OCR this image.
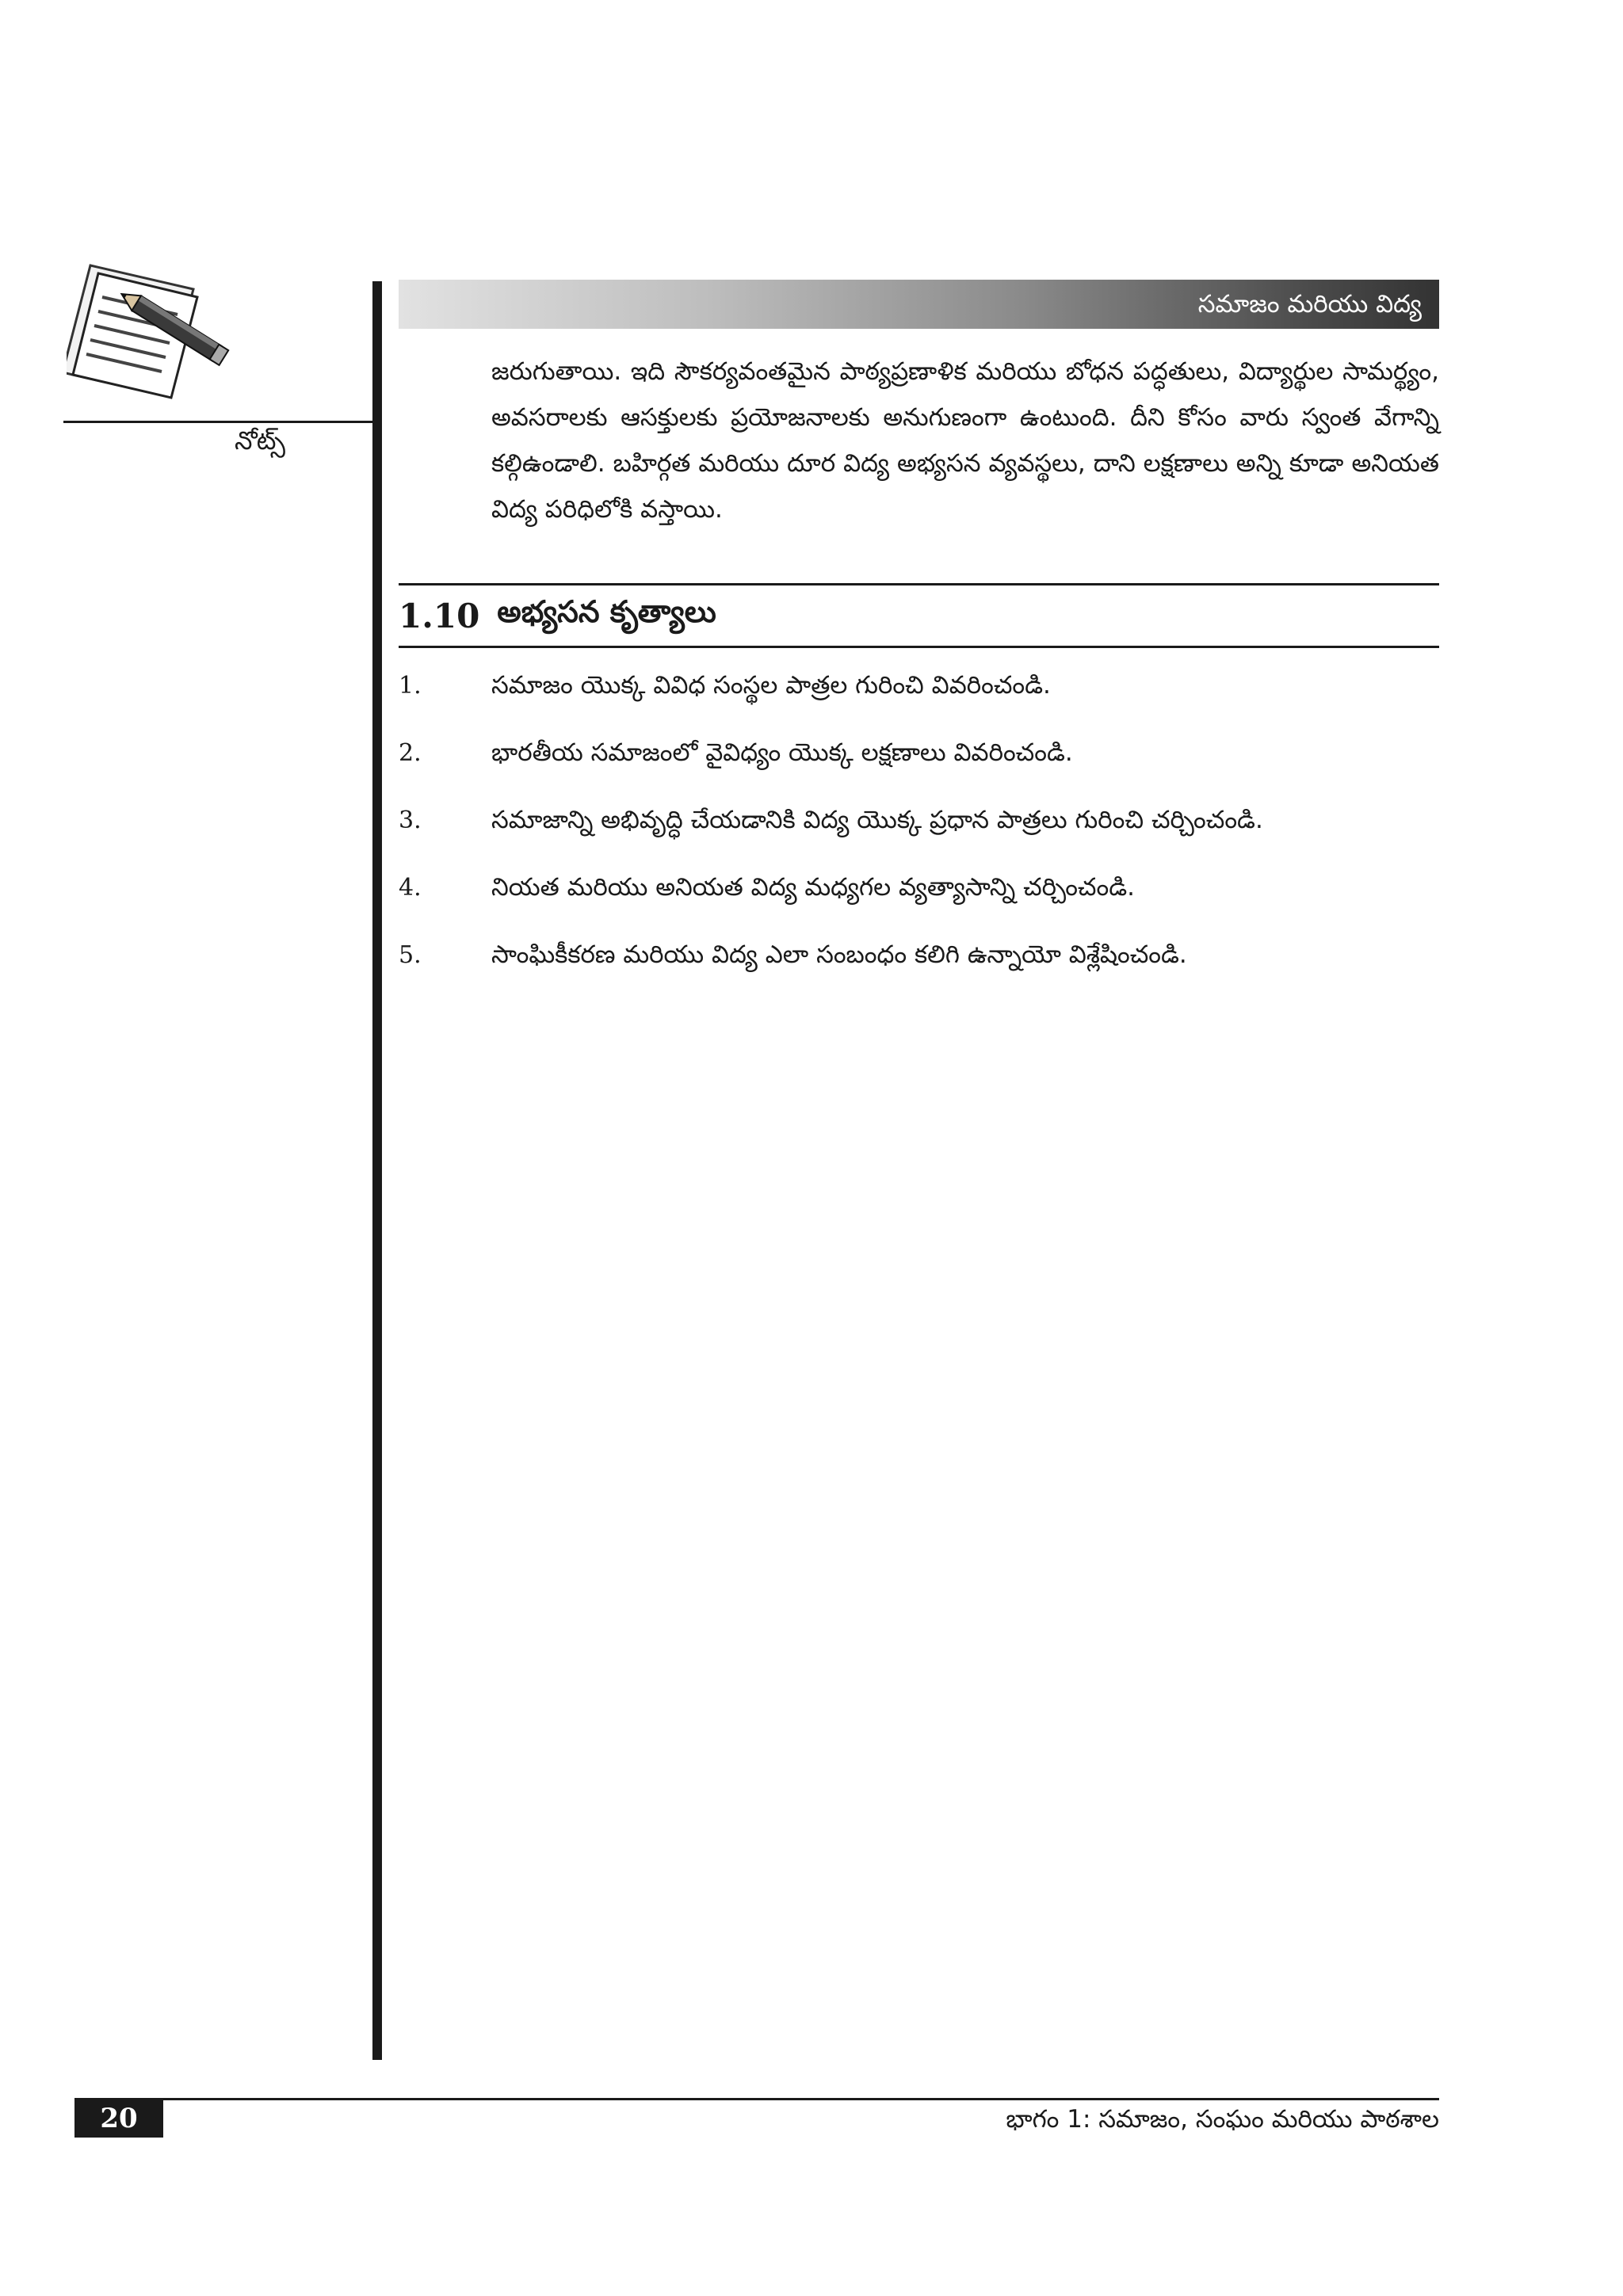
నోట్స్
సమాజం మరియు విద్య

జరుగుతాయి. ఇది సౌకర్యవంతమైన పాఠ్యప్రణాళిక మరియు బోధన పద్ధతులు, విద్యార్థుల సామర్థ్యం, అవసరాలకు ఆసక్తులకు ప్రయోజనాలకు అనుగుణంగా ఉంటుంది. దీని కోసం వారు స్వంత వేగాన్ని కల్గిఉండాలి. బహిర్గత మరియు దూర విద్య అభ్యసన వ్యవస్థలు, దాని లక్షణాలు అన్ని కూడా అనియత విద్య పరిధిలోకి వస్తాయి.

1.10 అభ్యసన కృత్యాలు
1.	సమాజం యొక్క వివిధ సంస్థల పాత్రల గురించి వివరించండి.
2.	భారతీయ సమాజంలో వైవిధ్యం యొక్క లక్షణాలు వివరించండి.
3.	సమాజాన్ని అభివృద్ధి చేయడానికి విద్య యొక్క ప్రధాన పాత్రలు గురించి చర్చించండి.
4.	నియత మరియు అనియత విద్య మధ్యగల వ్యత్యాసాన్ని చర్చించండి.
5.	సాంఘికీకరణ మరియు విద్య ఎలా సంబంధం కలిగి ఉన్నాయో విశ్లేషించండి.
20	భాగం 1: సమాజం, సంఘం మరియు పాఠశాల
